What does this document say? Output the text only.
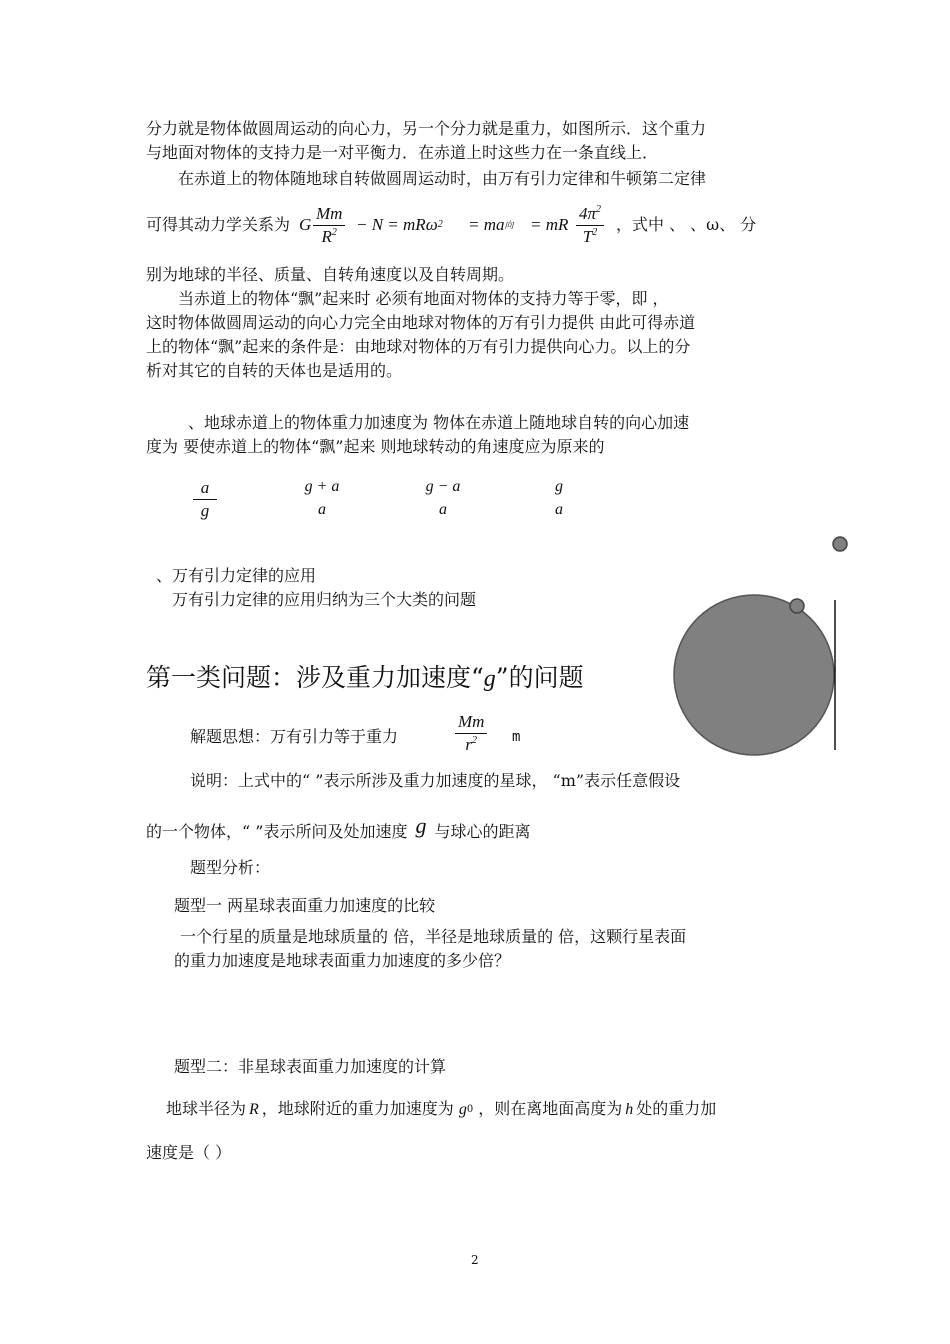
分力就是物体做圆周运动的向心力，另一个分力就是重力，如图所示．这个重力
与地面对物体的支持力是一对平衡力．在赤道上时这些力在一条直线上．
在赤道上的物体随地球自转做圆周运动时，由万有引力定律和牛顿第二定律
可得其动力学关系为 G
Mm
$R^2$	− N = mRω$^2$ = ma向 = mR
$4\pi^2$
$T^2$	，式中 、 、ω、 分
别为地球的半径、质量、自转角速度以及自转周期。
当赤道上的物体“飘”起来时 必须有地面对物体的支持力等于零，即 ，
这时物体做圆周运动的向心力完全由地球对物体的万有引力提供 由此可得赤道
上的物体“飘”起来的条件是：由地球对物体的万有引力提供向心力。以上的分
析对其它的自转的天体也是适用的。
、地球赤道上的物体重力加速度为 物体在赤道上随地球自转的向心加速
度为 要使赤道上的物体“飘”起来 则地球转动的角速度应为原来的
a
g
g + a
a
g − a
a
g
a
、万有引力定律的应用
万有引力定律的应用归纳为三个大类的问题
第一类问题：涉及重力加速度“g”的问题
解题思想：万有引力等于重力
Mm
$r^2$	m
说明：上式中的“ ”表示所涉及重力加速度的星球， “m”表示任意假设
的一个物体，“ ”表示所问及处加速度 g 与球心的距离
题型分析：
题型一 两星球表面重力加速度的比较
一个行星的质量是地球质量的 倍，半径是地球质量的 倍，这颗行星表面
的重力加速度是地球表面重力加速度的多少倍？
题型二：非星球表面重力加速度的计算
地球半径为 R ，地球附近的重力加速度为 g0 ，则在离地面高度为 h 处的重力加
速度是（ ）
2
